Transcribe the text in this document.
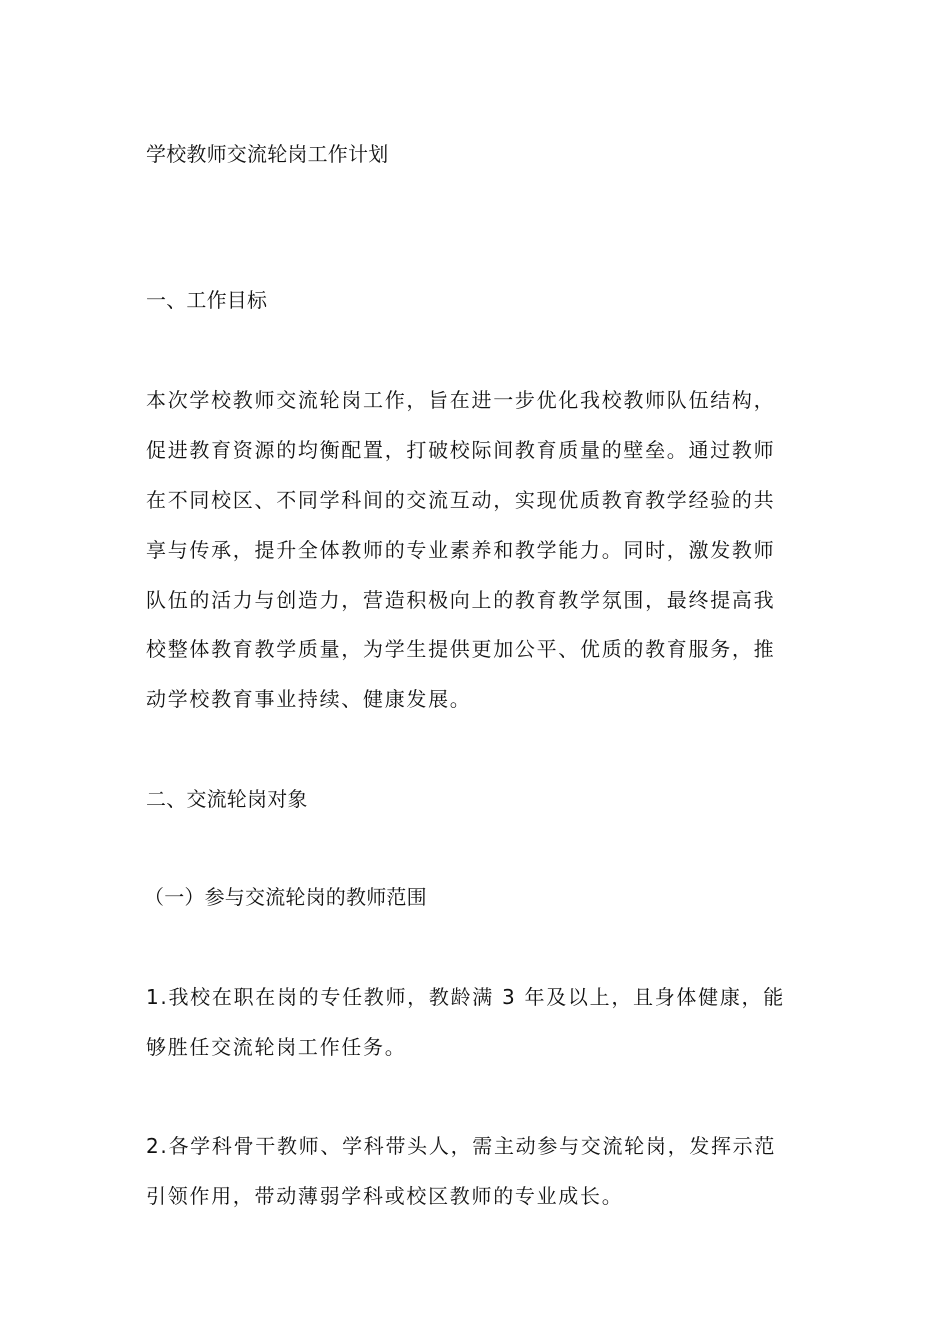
学校教师交流轮岗工作计划
一、工作目标
本次学校教师交流轮岗工作，旨在进一步优化我校教师队伍结构，
促进教育资源的均衡配置，打破校际间教育质量的壁垒。通过教师
在不同校区、不同学科间的交流互动，实现优质教育教学经验的共
享与传承，提升全体教师的专业素养和教学能力。同时，激发教师
队伍的活力与创造力，营造积极向上的教育教学氛围，最终提高我
校整体教育教学质量，为学生提供更加公平、优质的教育服务，推
动学校教育事业持续、健康发展。
二、交流轮岗对象
（一）参与交流轮岗的教师范围
1.我校在职在岗的专任教师，教龄满 3 年及以上，且身体健康，能
够胜任交流轮岗工作任务。
2.各学科骨干教师、学科带头人，需主动参与交流轮岗，发挥示范
引领作用，带动薄弱学科或校区教师的专业成长。
